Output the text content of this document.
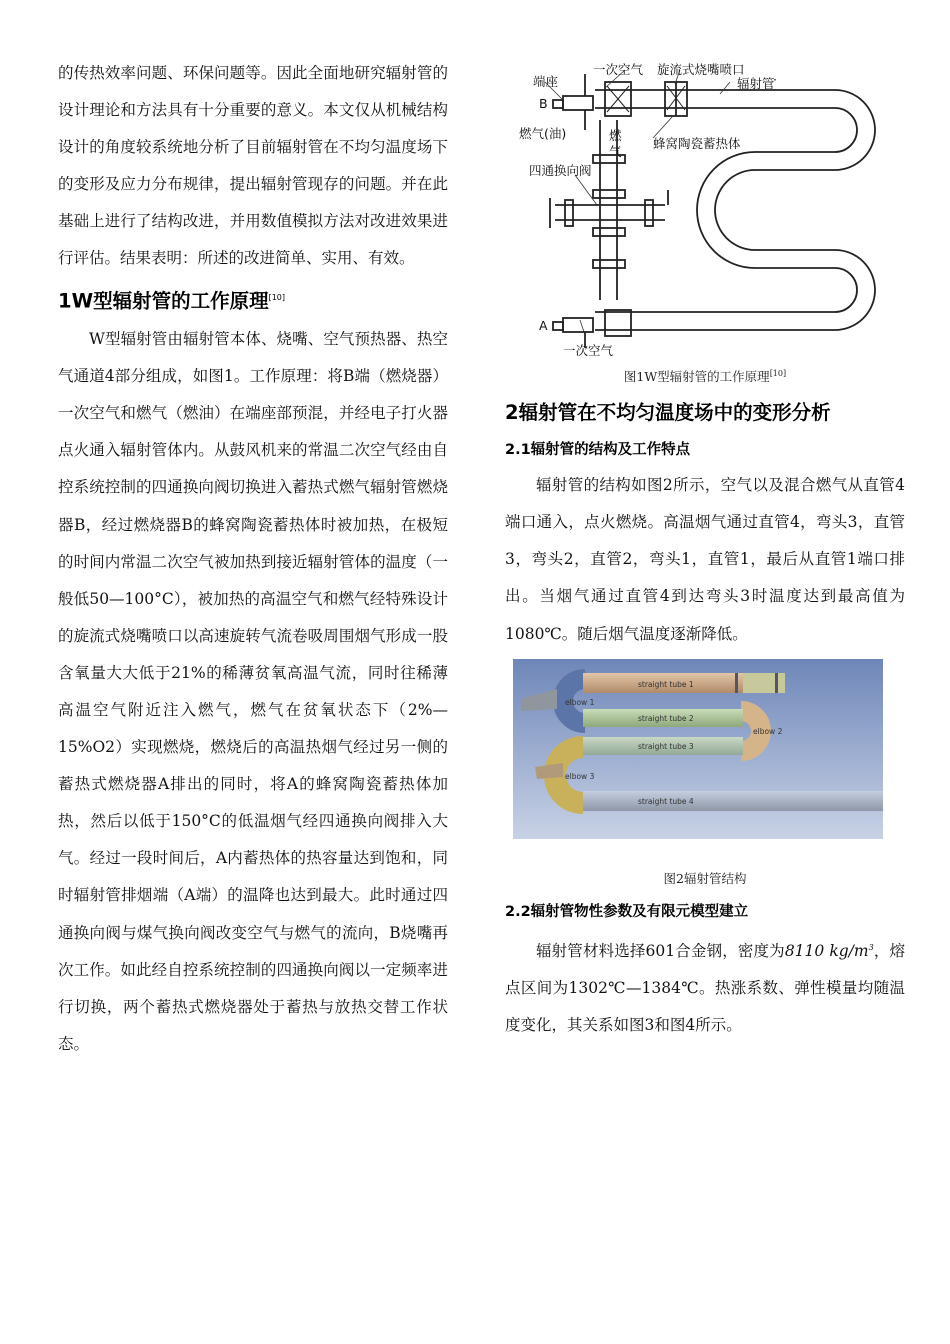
的传热效率问题、环保问题等。因此全面地研究辐射管的设计理论和方法具有十分重要的意义。本文仅从机械结构设计的角度较系统地分析了目前辐射管在不均匀温度场下的变形及应力分布规律，提出辐射管现存的问题。并在此基础上进行了结构改进，并用数值模拟方法对改进效果进行评估。结果表明：所述的改进简单、实用、有效。

1W型辐射管的工作原理[10]

W型辐射管由辐射管本体、烧嘴、空气预热器、热空气通道4部分组成，如图1。工作原理：将B端（燃烧器）一次空气和燃气（燃油）在端座部预混，并经电子打火器点火通入辐射管体内。从鼓风机来的常温二次空气经由自控系统控制的四通换向阀切换进入蓄热式燃气辐射管燃烧器B，经过燃烧器B的蜂窝陶瓷蓄热体时被加热，在极短的时间内常温二次空气被加热到接近辐射管体的温度（一般低50—100°C），被加热的高温空气和燃气经特殊设计的旋流式烧嘴喷口以高速旋转气流卷吸周围烟气形成一股含氧量大大低于21%的稀薄贫氧高温气流，同时往稀薄高温空气附近注入燃气，燃气在贫氧状态下（2%—15%O2）实现燃烧，燃烧后的高温热烟气经过另一侧的蓄热式燃烧器A排出的同时，将A的蜂窝陶瓷蓄热体加热，然后以低于150°C的低温烟气经四通换向阀排入大气。经过一段时间后，A内蓄热体的热容量达到饱和，同时辐射管排烟端（A端）的温降也达到最大。此时通过四通换向阀与煤气换向阀改变空气与燃气的流向，B烧嘴再次工作。如此经自控系统控制的四通换向阀以一定频率进行切换，两个蓄热式燃烧器处于蓄热与放热交替工作状态。

一次空气 旋流式烧嘴喷口
·
辐射管
端座
B
燃气(油)	燃
气
蜂窝陶瓷蓄热体
四通换向阀
A
一次空气
图1W型辐射管的工作原理[10]
2辐射管在不均匀温度场中的变形分析
2.1辐射管的结构及工作特点

辐射管的结构如图2所示，空气以及混合燃气从直管4端口通入，点火燃烧。高温烟气通过直管4，弯头3，直管3，弯头2，直管2，弯头1，直管1，最后从直管1端口排出。当烟气通过直管4到达弯头3时温度达到最高值为1080℃。随后烟气温度逐渐降低。

straight tube 1
straight tube 2
straight tube 3
straight tube 4
elbow 1
elbow 2
elbow 3
图2辐射管结构
2.2辐射管物性参数及有限元模型建立

辐射管材料选择601合金钢，密度为8110 $kg/m^3$，熔点区间为1302℃—1384℃。热涨系数、弹性模量均随温度变化，其关系如图3和图4所示。
